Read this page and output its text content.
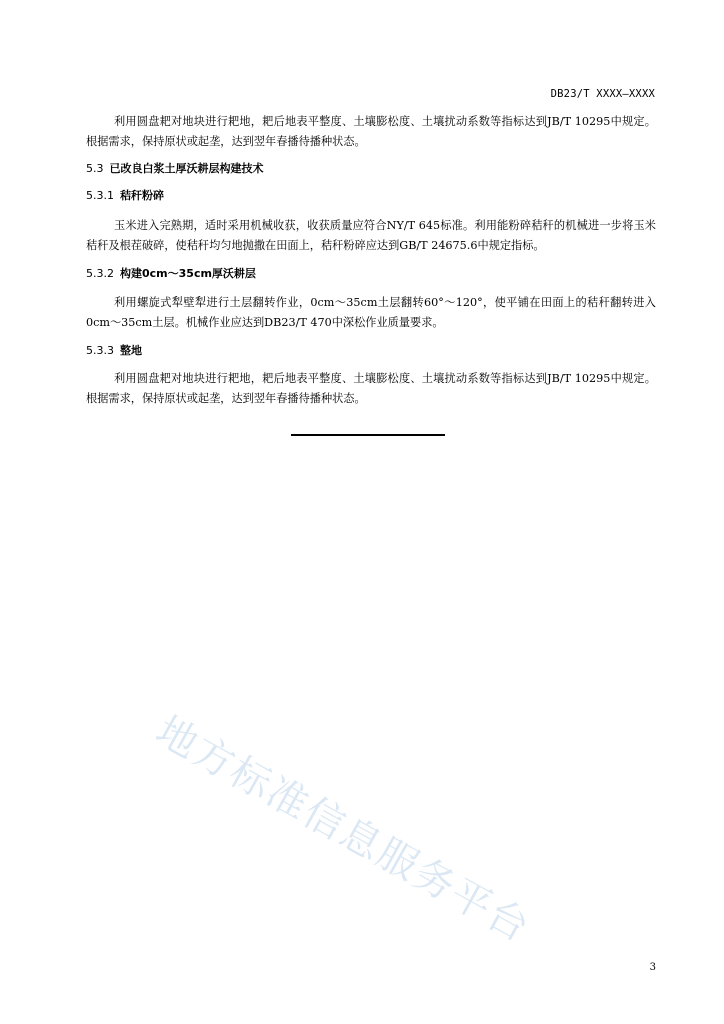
DB23/T XXXX—XXXX

利用圆盘耙对地块进行耙地，耙后地表平整度、土壤膨松度、土壤扰动系数等指标达到JB/T 10295中规定。根据需求，保持原状或起垄，达到翌年春播待播种状态。

5.3 已改良白浆土厚沃耕层构建技术

5.3.1 秸秆粉碎

玉米进入完熟期，适时采用机械收获，收获质量应符合NY/T 645标准。利用能粉碎秸秆的机械进一步将玉米秸秆及根茬破碎，使秸秆均匀地抛撒在田面上，秸秆粉碎应达到GB/T 24675.6中规定指标。

5.3.2 构建0cm～35cm厚沃耕层

利用螺旋式犁壁犁进行土层翻转作业，0cm～35cm土层翻转60°～120°，使平铺在田面上的秸秆翻转进入0cm～35cm土层。机械作业应达到DB23/T 470中深松作业质量要求。

5.3.3 整地

利用圆盘耙对地块进行耙地，耙后地表平整度、土壤膨松度、土壤扰动系数等指标达到JB/T 10295中规定。根据需求，保持原状或起垄，达到翌年春播待播种状态。

地方标准信息服务平台
3
